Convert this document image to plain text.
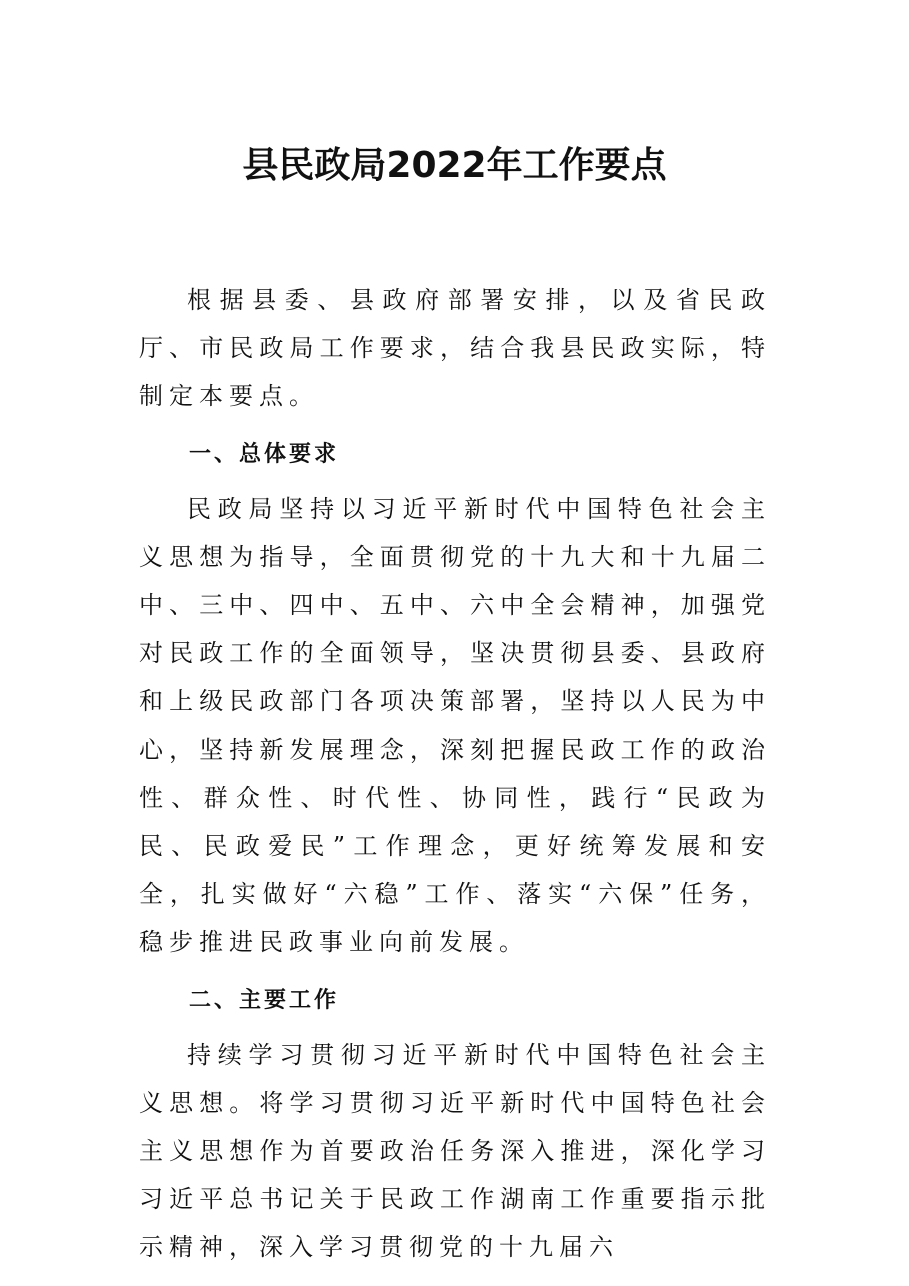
县民政局2022年工作要点

根据县委、县政府部署安排，以及省民政厅、市民政局工作要求，结合我县民政实际，特制定本要点。

一、总体要求

民政局坚持以习近平新时代中国特色社会主义思想为指导，全面贯彻党的十九大和十九届二中、三中、四中、五中、六中全会精神，加强党对民政工作的全面领导，坚决贯彻县委、县政府和上级民政部门各项决策部署，坚持以人民为中心，坚持新发展理念，深刻把握民政工作的政治性、群众性、时代性、协同性，践行“民政为民、民政爱民”工作理念，更好统筹发展和安全，扎实做好“六稳”工作、落实“六保”任务，稳步推进民政事业向前发展。

二、主要工作

持续学习贯彻习近平新时代中国特色社会主义思想。将学习贯彻习近平新时代中国特色社会主义思想作为首要政治任务深入推进，深化学习习近平总书记关于民政工作湖南工作重要指示批示精神，深入学习贯彻党的十九届六
